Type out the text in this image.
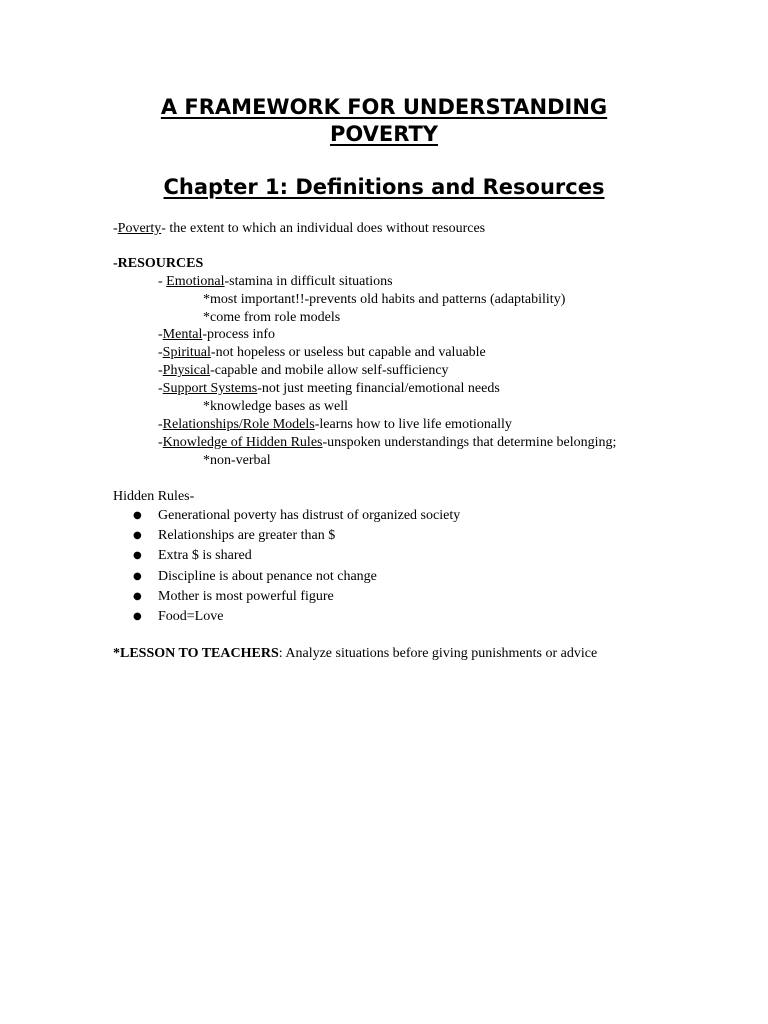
A FRAMEWORK FOR UNDERSTANDING
POVERTY
Chapter 1: Definitions and Resources
-Poverty- the extent to which an individual does without resources
-RESOURCES
- Emotional-stamina in difficult situations
*most important!!-prevents old habits and patterns (adaptability)
*come from role models
-Mental-process info
-Spiritual-not hopeless or useless but capable and valuable
-Physical-capable and mobile allow self-sufficiency
-Support Systems-not just meeting financial/emotional needs
*knowledge bases as well
-Relationships/Role Models-learns how to live life emotionally
-Knowledge of Hidden Rules-unspoken understandings that determine belonging;
*non-verbal
Hidden Rules-
● Generational poverty has distrust of organized society
● Relationships are greater than $
● Extra $ is shared
● Discipline is about penance not change
● Mother is most powerful figure
● Food=Love
*LESSON TO TEACHERS: Analyze situations before giving punishments or advice
